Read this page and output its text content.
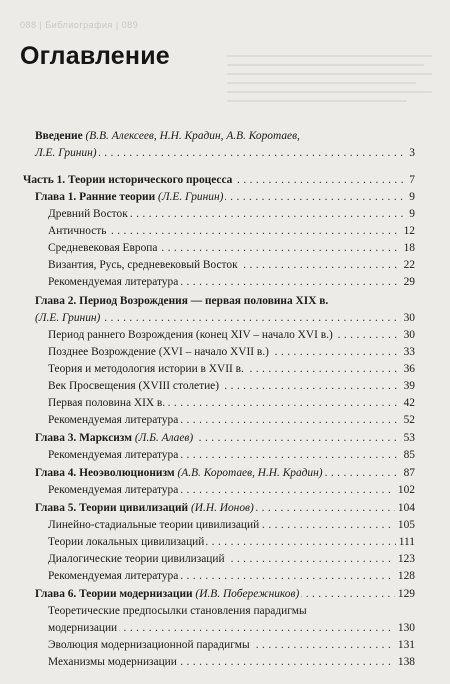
088 | Библиография | 089
Оглавление
Введение (В.В. Алексеев, Н.Н. Крадин, А.В. Коротаев,
. . .
Л.Е. Гринин)	3
. . .
Часть 1. Теории исторического процесса	7
. . .
Глава 1. Ранние теории (Л.Е. Гринин)	9
. . .
Древний Восток	9
. . .
Античность	12
. . .
Средневековая Европа	18
. . .
Византия, Русь, средневековый Восток	22
. . .
Рекомендуемая литература	29
Глава 2. Период Возрождения — первая половина XIX в.
. . .
(Л.Е. Гринин)	30
. . .
Период раннего Возрождения (конец XIV – начало XVI в.)	30
. . .
Позднее Возрождение (XVI – начало XVII в.)	33
. . .
Теория и методология истории в XVII в.	36
. . .
Век Просвещения (XVIII столетие)	39
. . .
Первая половина XIX в.	42
. . .
Рекомендуемая литература	52
. . .
Глава 3. Марксизм (Л.Б. Алаев)	53
. . .
Рекомендуемая литература	85
. . .
Глава 4. Неоэволюционизм (А.В. Коротаев, Н.Н. Крадин)	87
. . .
Рекомендуемая литература	102
. . .
Глава 5. Теории цивилизаций (И.Н. Ионов)	104
. . .
Линейно-стадиальные теории цивилизаций	105
. . .
Теории локальных цивилизаций	111
. . .
Диалогические теории цивилизаций	123
. . .
Рекомендуемая литература	128
. . .
Глава 6. Теории модернизации (И.В. Побережников)	129
Теоретические предпосылки становления парадигмы
. . .
модернизации	130
. . .
Эволюция модернизационной парадигмы	131
. . .
Механизмы модернизации	138
